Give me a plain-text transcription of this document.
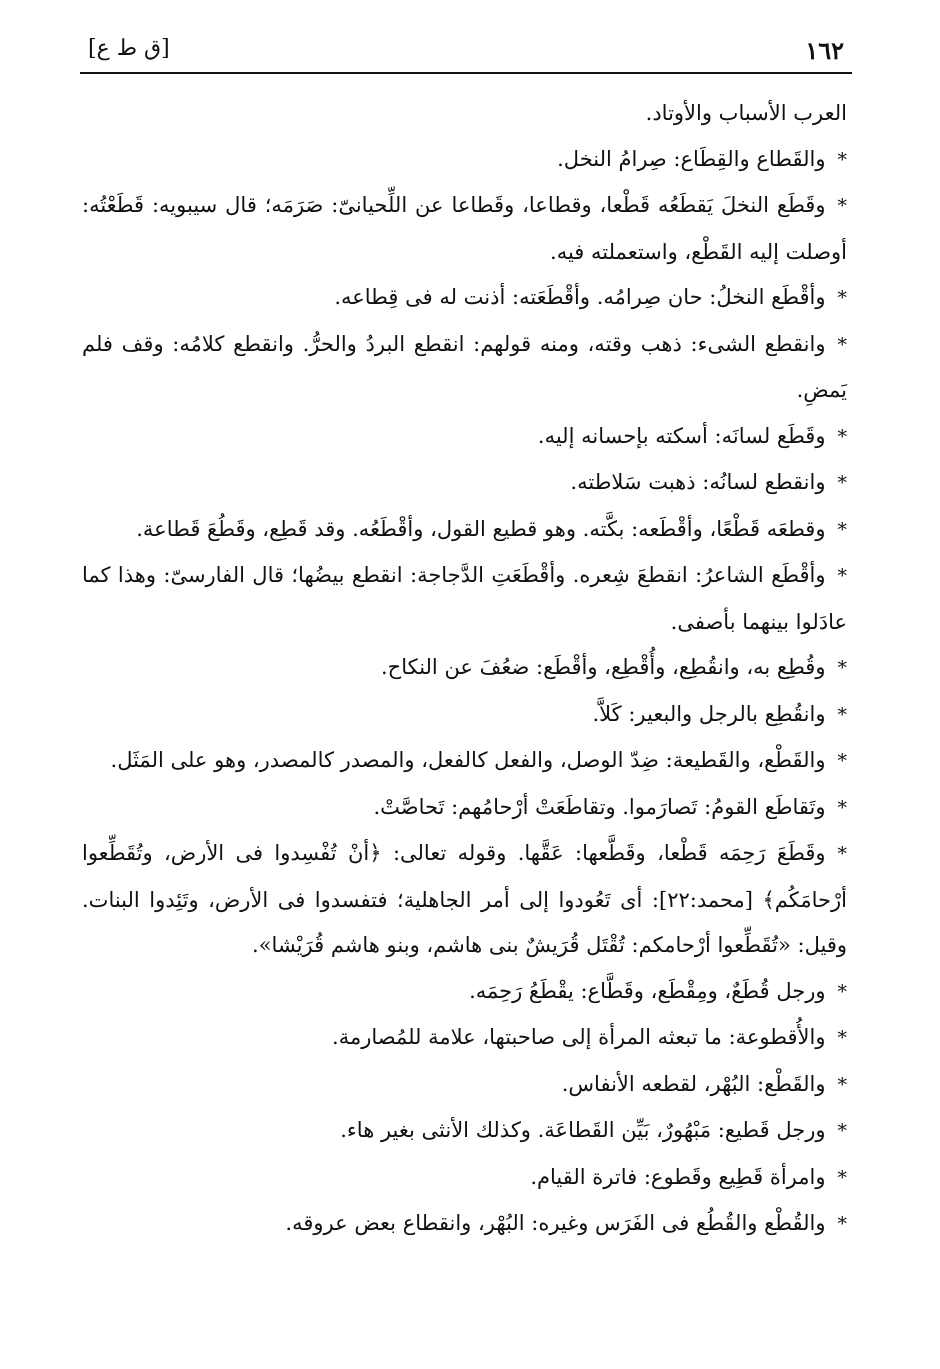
[ق ط ع]	١٦٢

العرب الأسباب والأوتاد.

*والقَطاع والقِطَاع: صِرامُ النخل.

*وقَطَع النخلَ يَقطَعُه قَطْعا، وقطاعا، وقَطاعا عن اللِّحيانىّ: صَرَمَه؛ قال سيبويه: قَطَعْتُه: أوصلت إليه القَطْع، واستعملته فيه.

*وأقْطَع النخلُ: حان صِرامُه. وأقْطَعَته: أذنت له فى قِطاعه.

*وانقطع الشىء: ذهب وقته، ومنه قولهم: انقطع البردُ والحرُّ. وانقطع كلامُه: وقف فلم يَمضِ.

*وقَطَع لسانَه: أسكته بإحسانه إليه.

*وانقطع لسانُه: ذهبت سَلاطته.

*وقطعَه قَطْعًا، وأقْطَعه: بكَّته. وهو قطيع القول، وأقْطَعُه. وقد قَطِع، وقَطُعَ قَطاعة.

*وأقْطَع الشاعرُ: انقطعَ شِعره. وأقْطَعَتِ الدَّجاجة: انقطع بيضُها؛ قال الفارسىّ: وهذا كما عادَلوا بينهما بأصفى.

*وقُطِع به، وانقُطِع، وأُقْطِع، وأقْطَع: ضعُفَ عن النكاح.

*وانقُطِع بالرجل والبعير: كَلاَّ.

*والقَطْع، والقَطيعة: ضِدّ الوصل، والفعل كالفعل، والمصدر كالمصدر، وهو على المَثَل.

*وتَقاطَع القومُ: تَصارَموا. وتقاطَعَتْ أرْحامُهم: تَحاصَّتْ.

*وقَطَعَ رَحِمَه قَطْعا، وقَطَّعها: عَقَّها. وقوله تعالى: ﴿أنْ تُفْسِدوا فى الأرض، وتُقَطِّعوا أرْحامَكُم﴾ [محمد:٢٢]: أى تَعُودوا إلى أمر الجاهلية؛ فتفسدوا فى الأرض، وتَئِدوا البنات. وقيل: «تُقَطِّعوا أرْحامكم: تُقْتَل قُرَيشٌ بنى هاشم، وبنو هاشم قُرَيْشا».

*ورجل قُطَعٌ، ومِقْطَع، وقَطَّاع: يقْطَعُ رَحِمَه.

*والأُقطوعة: ما تبعثه المرأة إلى صاحبتها، علامة للمُصارمة.

*والقَطْع: البُهْر، لقطعه الأنفاس.

*ورجل قَطيع: مَبْهُورٌ، بَيِّن القَطاعَة. وكذلك الأنثى بغير هاء.

*وامرأة قَطِيع وقَطوع: فاترة القيام.

*والقُطْع والقُطُع فى الفَرَس وغيره: البُهْر، وانقطاع بعض عروقه.
